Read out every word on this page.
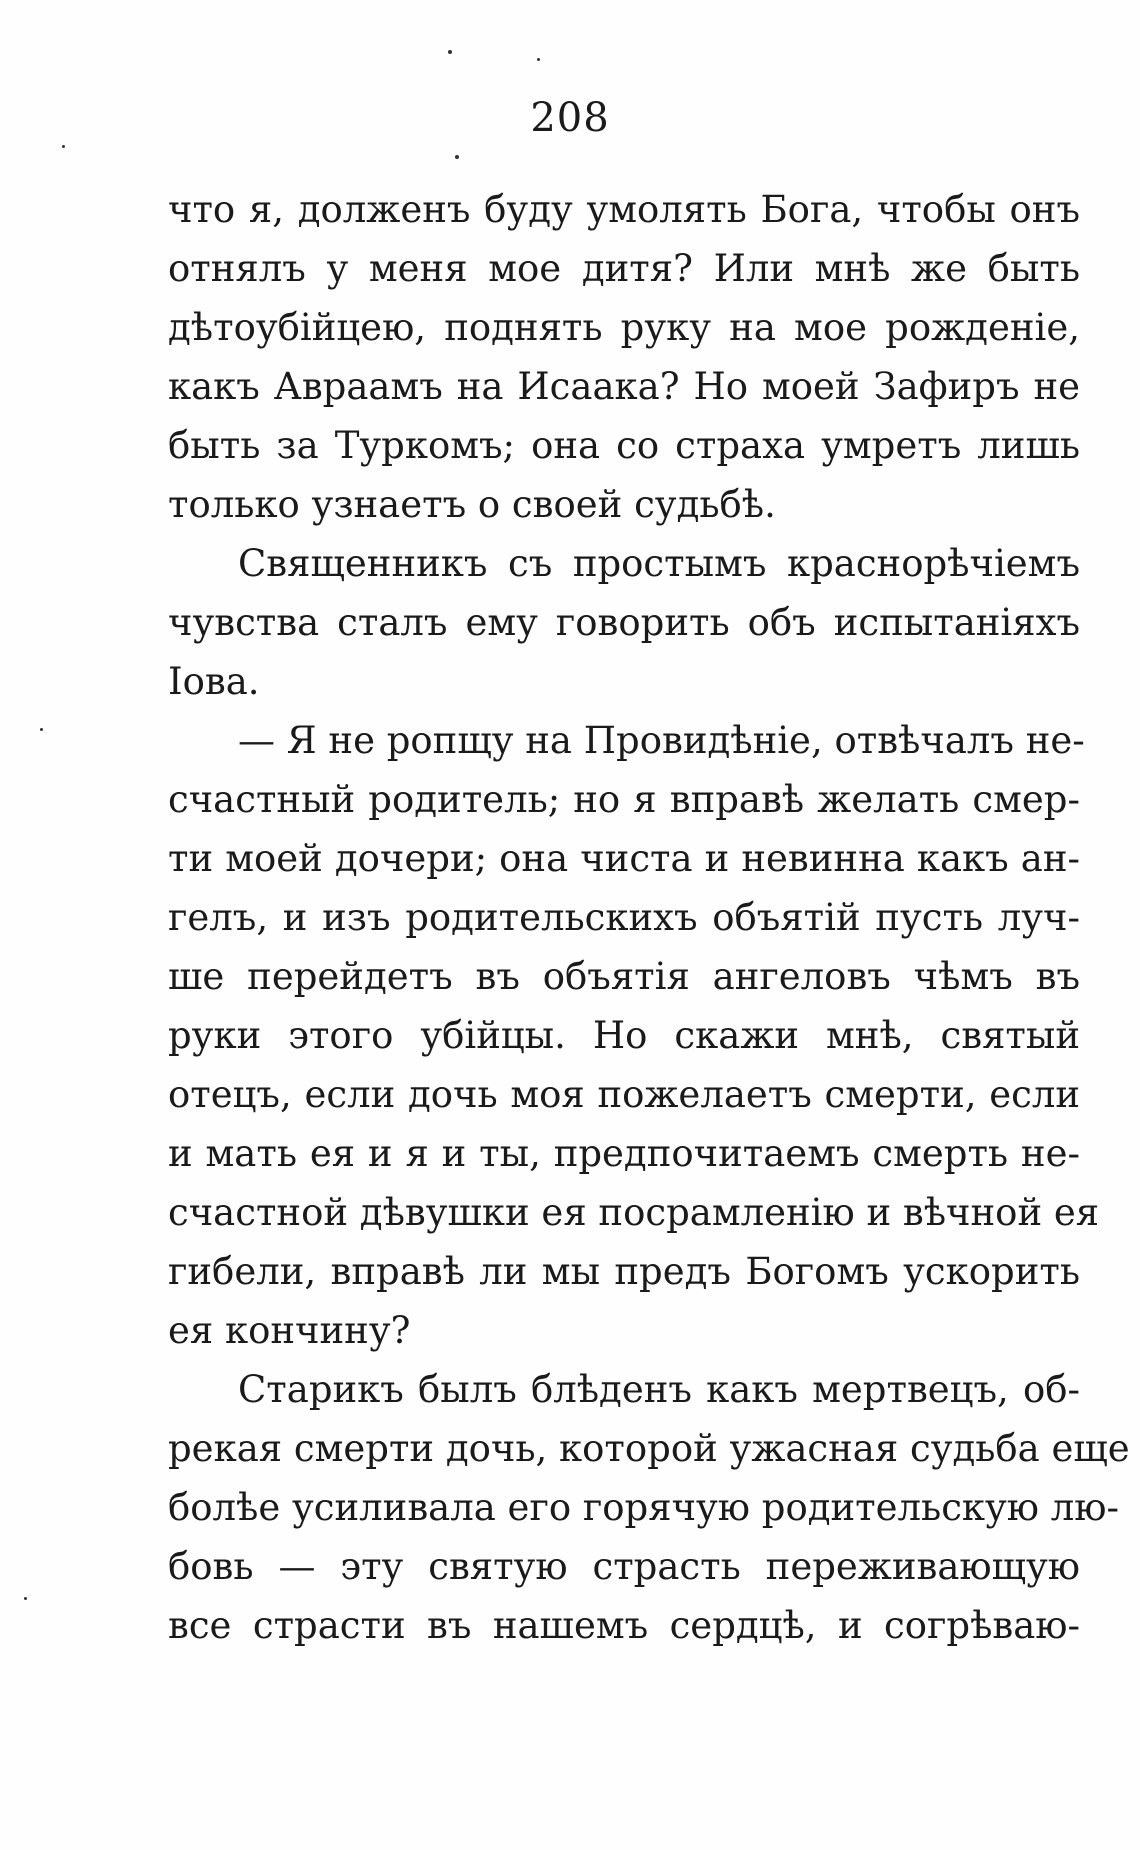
208
что я, долженъ буду умолять Бога, чтобы онъ
отнялъ у меня мое дитя? Или мнѣ же быть
дѣтоубійцею, поднять руку на мое рожденіе,
какъ Авраамъ на Исаака? Но моей Зафиръ не
быть за Туркомъ; она со страха умретъ лишь
только узнаетъ о своей судьбѣ.
Священникъ съ простымъ краснорѣчіемъ
чувства сталъ ему говорить объ испытаніяхъ
Іова.
— Я не ропщу на Провидѣніе, отвѣчалъ не-
счастный родитель; но я вправѣ желать смер-
ти моей дочери; она чиста и невинна какъ ан-
гелъ, и изъ родительскихъ объятій пусть луч-
ше перейдетъ въ объятія ангеловъ чѣмъ въ
руки этого убійцы. Но скажи мнѣ, святый
отецъ, если дочь моя пожелаетъ смерти, если
и мать ея и я и ты, предпочитаемъ смерть не-
счастной дѣвушки ея посрамленію и вѣчной ея
гибели, вправѣ ли мы предъ Богомъ ускорить
ея кончину?
Старикъ былъ блѣденъ какъ мертвецъ, об-
рекая смерти дочь, которой ужасная судьба еще
болѣе усиливала его горячую родительскую лю-
бовь — эту святую страсть переживающую
все страсти въ нашемъ сердцѣ, и согрѣваю-
